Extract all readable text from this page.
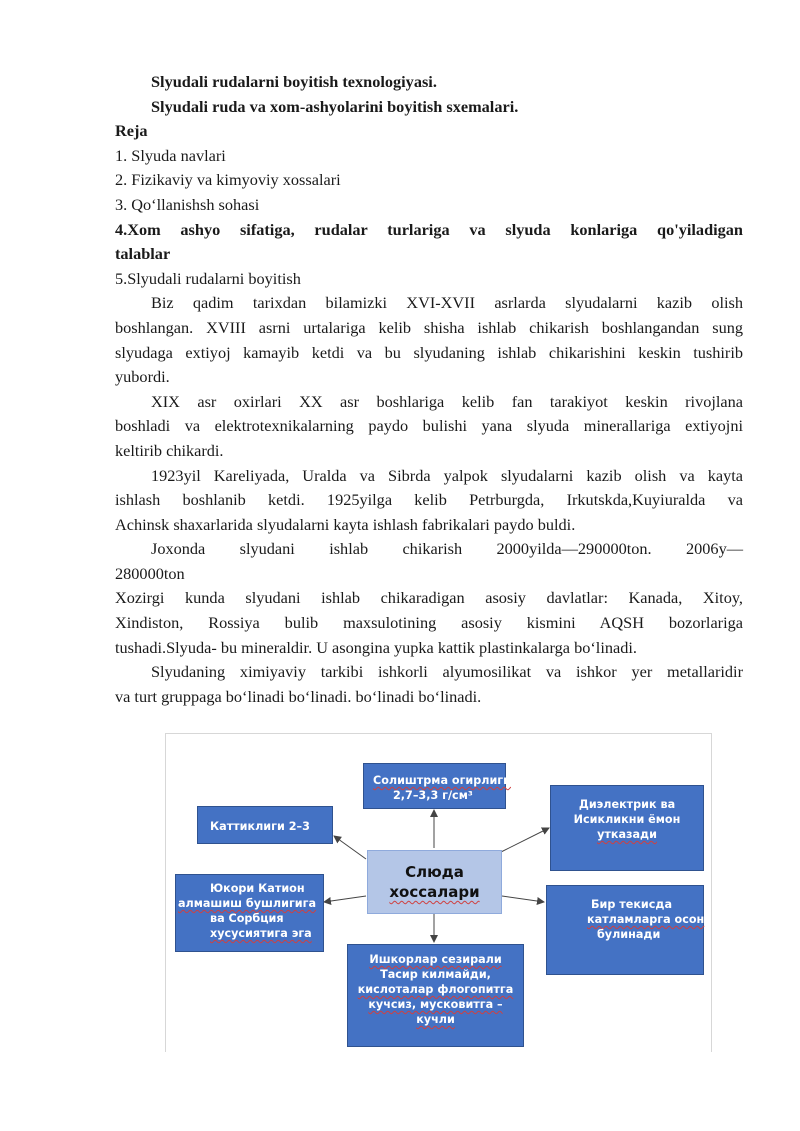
Slyudali rudalarni boyitish texnologiyasi.
Slyudali ruda va xom-ashyolarini boyitish sxemalari.
Reja
1. Slyuda navlari
2. Fizikaviy va kimyoviy xossalari
3. Qo‘llanishsh sohasi
4.Xom ashyo sifatiga, rudalar turlariga va slyuda konlariga qo'yiladigan
talablar
5.Slyudali rudalarni boyitish
Biz qadim tarixdan bilamizki XVI-XVII asrlarda slyudalarni kazib olish
boshlangan. XVIII asrni urtalariga kelib shisha ishlab chikarish boshlangandan sung
slyudaga extiyoj kamayib ketdi va bu slyudaning ishlab chikarishini keskin tushirib
yubordi.
XIX asr oxirlari XX asr boshlariga kelib fan tarakiyot keskin rivojlana
boshladi va elektrotexnikalarning paydo bulishi yana slyuda minerallariga extiyojni
keltirib chikardi.
1923yil Kareliyada, Uralda va Sibrda yalpok slyudalarni kazib olish va kayta
ishlash boshlanib ketdi. 1925yilga kelib Petrburgda, Irkutskda,Kuyiuralda va
Achinsk shaxarlarida slyudalarni kayta ishlash fabrikalari paydo buldi.
Joxonda slyudani ishlab chikarish 2000yilda—290000ton. 2006y—
280000ton
Xozirgi kunda slyudani ishlab chikaradigan asosiy davlatlar: Kanada, Xitoy,
Xindiston, Rossiya bulib maxsulotining asosiy kismini AQSH bozorlariga
tushadi.Slyuda- bu mineraldir. U asongina yupka kattik plastinkalarga bo‘linadi.
Slyudaning ximiyaviy tarkibi ishkorli alyumosilikat va ishkor yer metallaridir
va turt gruppaga bo‘linadi bo‘linadi. bo‘linadi bo‘linadi.
Слюда
хоссалари
Солиштрма огирлиги
2,7–3,3 г/см³
Каттиклиги 2–3
Диэлектрик ва
Исикликни ёмон
утказади
Юкори Катион
алмашиш бушлигига
ва Сорбция
хусусиятига эга
Бир текисда
катламларга осон
булинади
Ишкорлар сезирали
Тасир килмайди,
кислоталар флогопитга
кучсиз, мусковитга –
кучли
